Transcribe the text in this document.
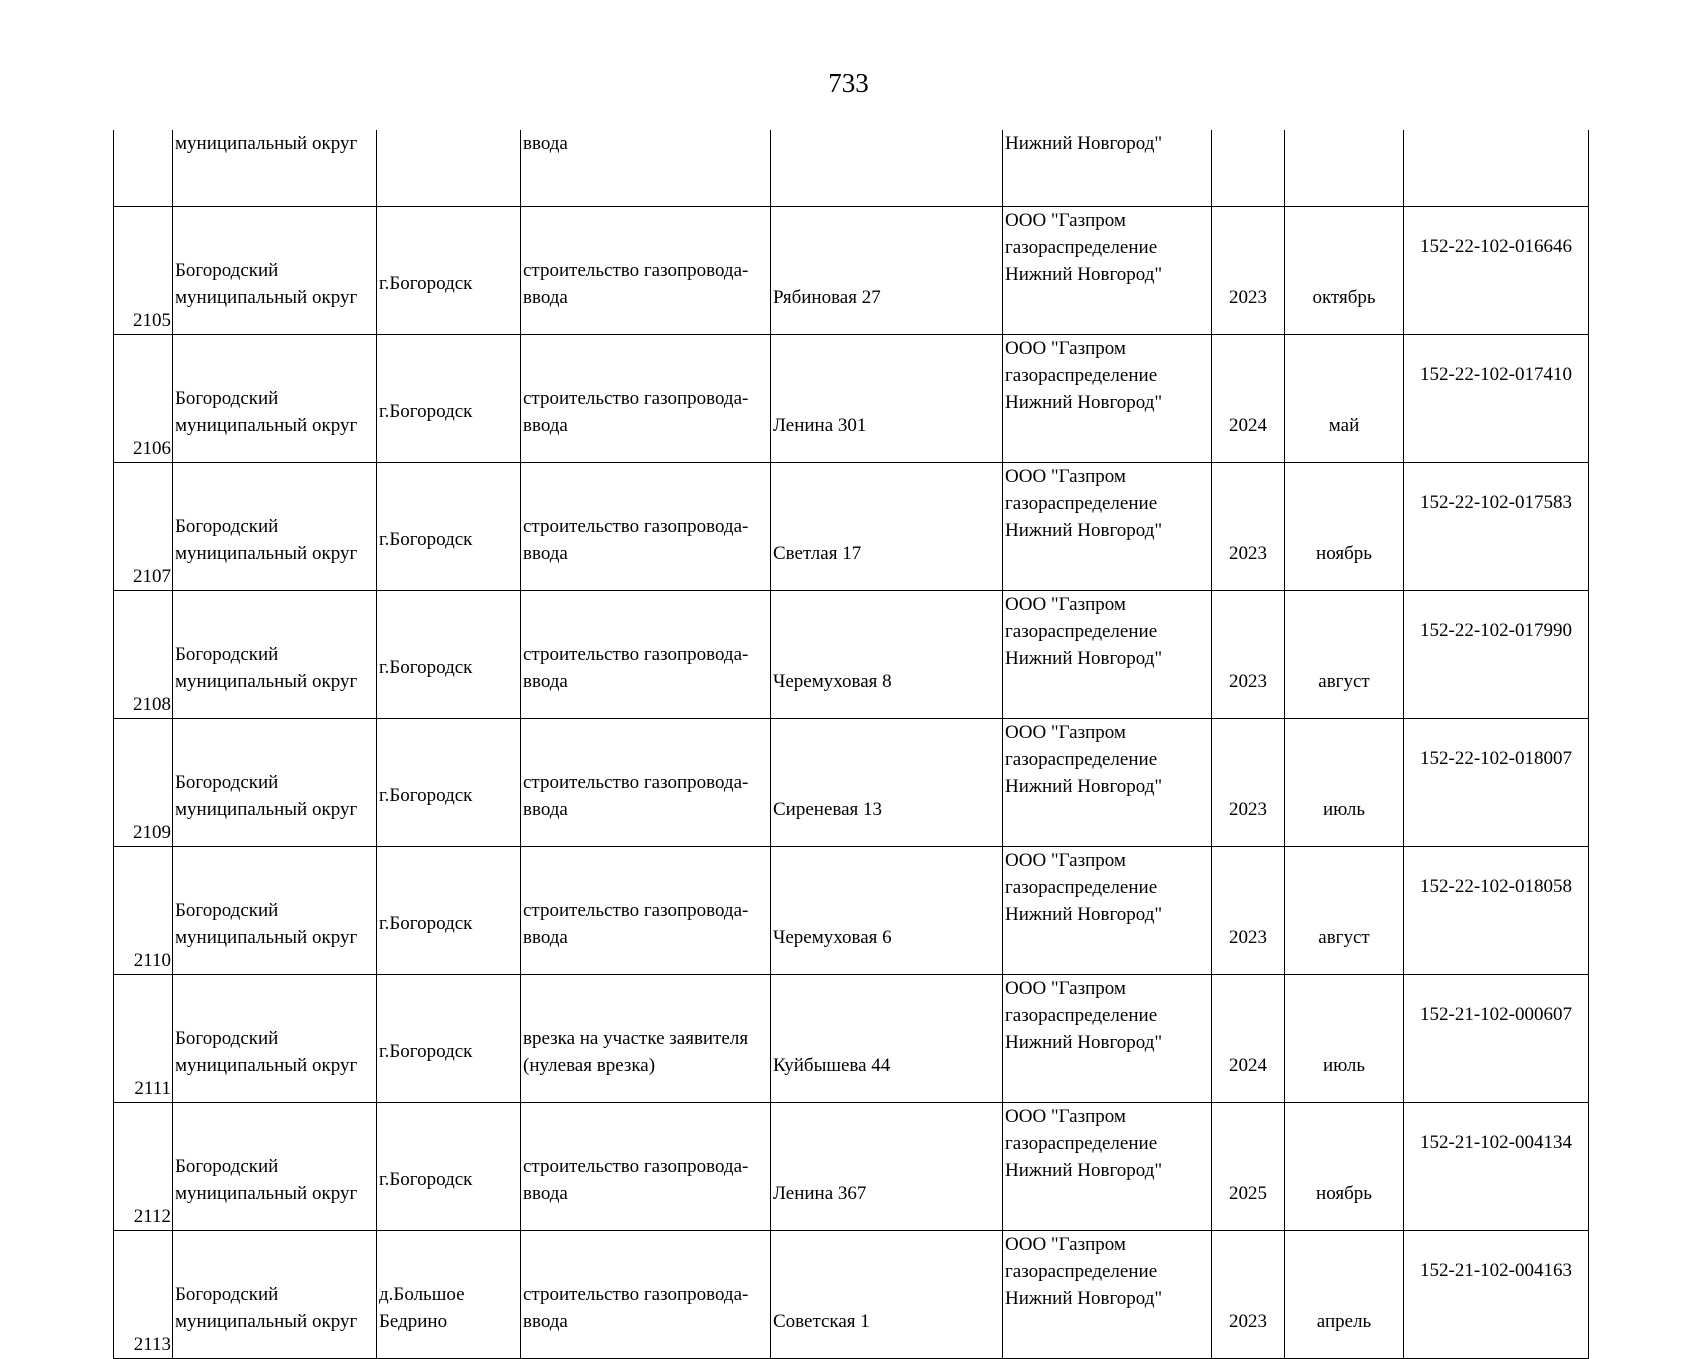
733
	муниципальный округ		ввода		Нижний Новгород"			
2105	Богородский
муниципальный округ	г.Богородск	строительство газопровода-
ввода	Рябиновая 27	ООО "Газпром
газораспределение
Нижний Новгород"	2023	октябрь	152-22-102-016646
2106	Богородский
муниципальный округ	г.Богородск	строительство газопровода-
ввода	Ленина 301	ООО "Газпром
газораспределение
Нижний Новгород"	2024	май	152-22-102-017410
2107	Богородский
муниципальный округ	г.Богородск	строительство газопровода-
ввода	Светлая 17	ООО "Газпром
газораспределение
Нижний Новгород"	2023	ноябрь	152-22-102-017583
2108	Богородский
муниципальный округ	г.Богородск	строительство газопровода-
ввода	Черемуховая 8	ООО "Газпром
газораспределение
Нижний Новгород"	2023	август	152-22-102-017990
2109	Богородский
муниципальный округ	г.Богородск	строительство газопровода-
ввода	Сиреневая 13	ООО "Газпром
газораспределение
Нижний Новгород"	2023	июль	152-22-102-018007
2110	Богородский
муниципальный округ	г.Богородск	строительство газопровода-
ввода	Черемуховая 6	ООО "Газпром
газораспределение
Нижний Новгород"	2023	август	152-22-102-018058
2111	Богородский
муниципальный округ	г.Богородск	врезка на участке заявителя
(нулевая врезка)	Куйбышева 44	ООО "Газпром
газораспределение
Нижний Новгород"	2024	июль	152-21-102-000607
2112	Богородский
муниципальный округ	г.Богородск	строительство газопровода-
ввода	Ленина 367	ООО "Газпром
газораспределение
Нижний Новгород"	2025	ноябрь	152-21-102-004134
2113	Богородский
муниципальный округ	д.Большое
Бедрино	строительство газопровода-
ввода	Советская 1	ООО "Газпром
газораспределение
Нижний Новгород"	2023	апрель	152-21-102-004163
